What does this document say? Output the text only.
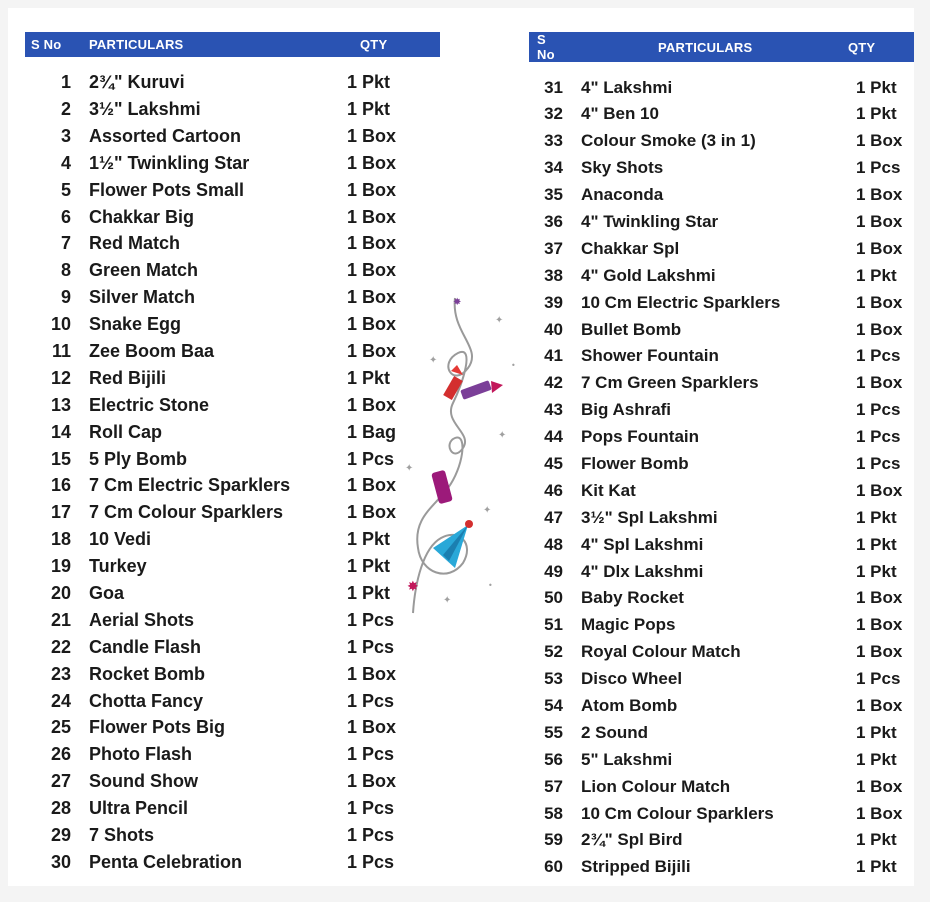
S No	PARTICULARS	QTY
1	2¾" Kuruvi	1 Pkt
2	3½" Lakshmi	1 Pkt
3	Assorted Cartoon	1 Box
4	1½" Twinkling Star	1 Box
5	Flower Pots Small	1 Box
6	Chakkar Big	1 Box
7	Red Match	1 Box
8	Green Match	1 Box
9	Silver Match	1 Box
10	Snake Egg	1 Box
11	Zee Boom Baa	1 Box
12	Red Bijili	1 Pkt
13	Electric Stone	1 Box
14	Roll Cap	1 Bag
15	5 Ply Bomb	1 Pcs
16	7 Cm Electric Sparklers	1 Box
17	7 Cm Colour Sparklers	1 Box
18	10 Vedi	1 Pkt
19	Turkey	1 Pkt
20	Goa	1 Pkt
21	Aerial Shots	1 Pcs
22	Candle Flash	1 Pcs
23	Rocket Bomb	1 Box
24	Chotta Fancy	1 Pcs
25	Flower Pots Big	1 Box
26	Photo Flash	1 Pcs
27	Sound Show	1 Box
28	Ultra Pencil	1 Pcs
29	7 Shots	1 Pcs
30	Penta Celebration	1 Pcs
✦
✦
✦
✦
✦
✦
•
•
✸
✸
S No	PARTICULARS	QTY
31	4" Lakshmi	1 Pkt
32	4" Ben 10	1 Pkt
33	Colour Smoke (3 in 1)	1 Box
34	Sky Shots	1 Pcs
35	Anaconda	1 Box
36	4" Twinkling Star	1 Box
37	Chakkar Spl	1 Box
38	4" Gold Lakshmi	1 Pkt
39	10 Cm Electric Sparklers	1 Box
40	Bullet Bomb	1 Box
41	Shower Fountain	1 Pcs
42	7 Cm Green Sparklers	1 Box
43	Big Ashrafi	1 Pcs
44	Pops Fountain	1 Pcs
45	Flower Bomb	1 Pcs
46	Kit Kat	1 Box
47	3½" Spl Lakshmi	1 Pkt
48	4" Spl Lakshmi	1 Pkt
49	4" Dlx Lakshmi	1 Pkt
50	Baby Rocket	1 Box
51	Magic Pops	1 Box
52	Royal Colour Match	1 Box
53	Disco Wheel	1 Pcs
54	Atom Bomb	1 Box
55	2 Sound	1 Pkt
56	5" Lakshmi	1 Pkt
57	Lion Colour Match	1 Box
58	10 Cm Colour Sparklers	1 Box
59	2¾" Spl Bird	1 Pkt
60	Stripped Bijili	1 Pkt
